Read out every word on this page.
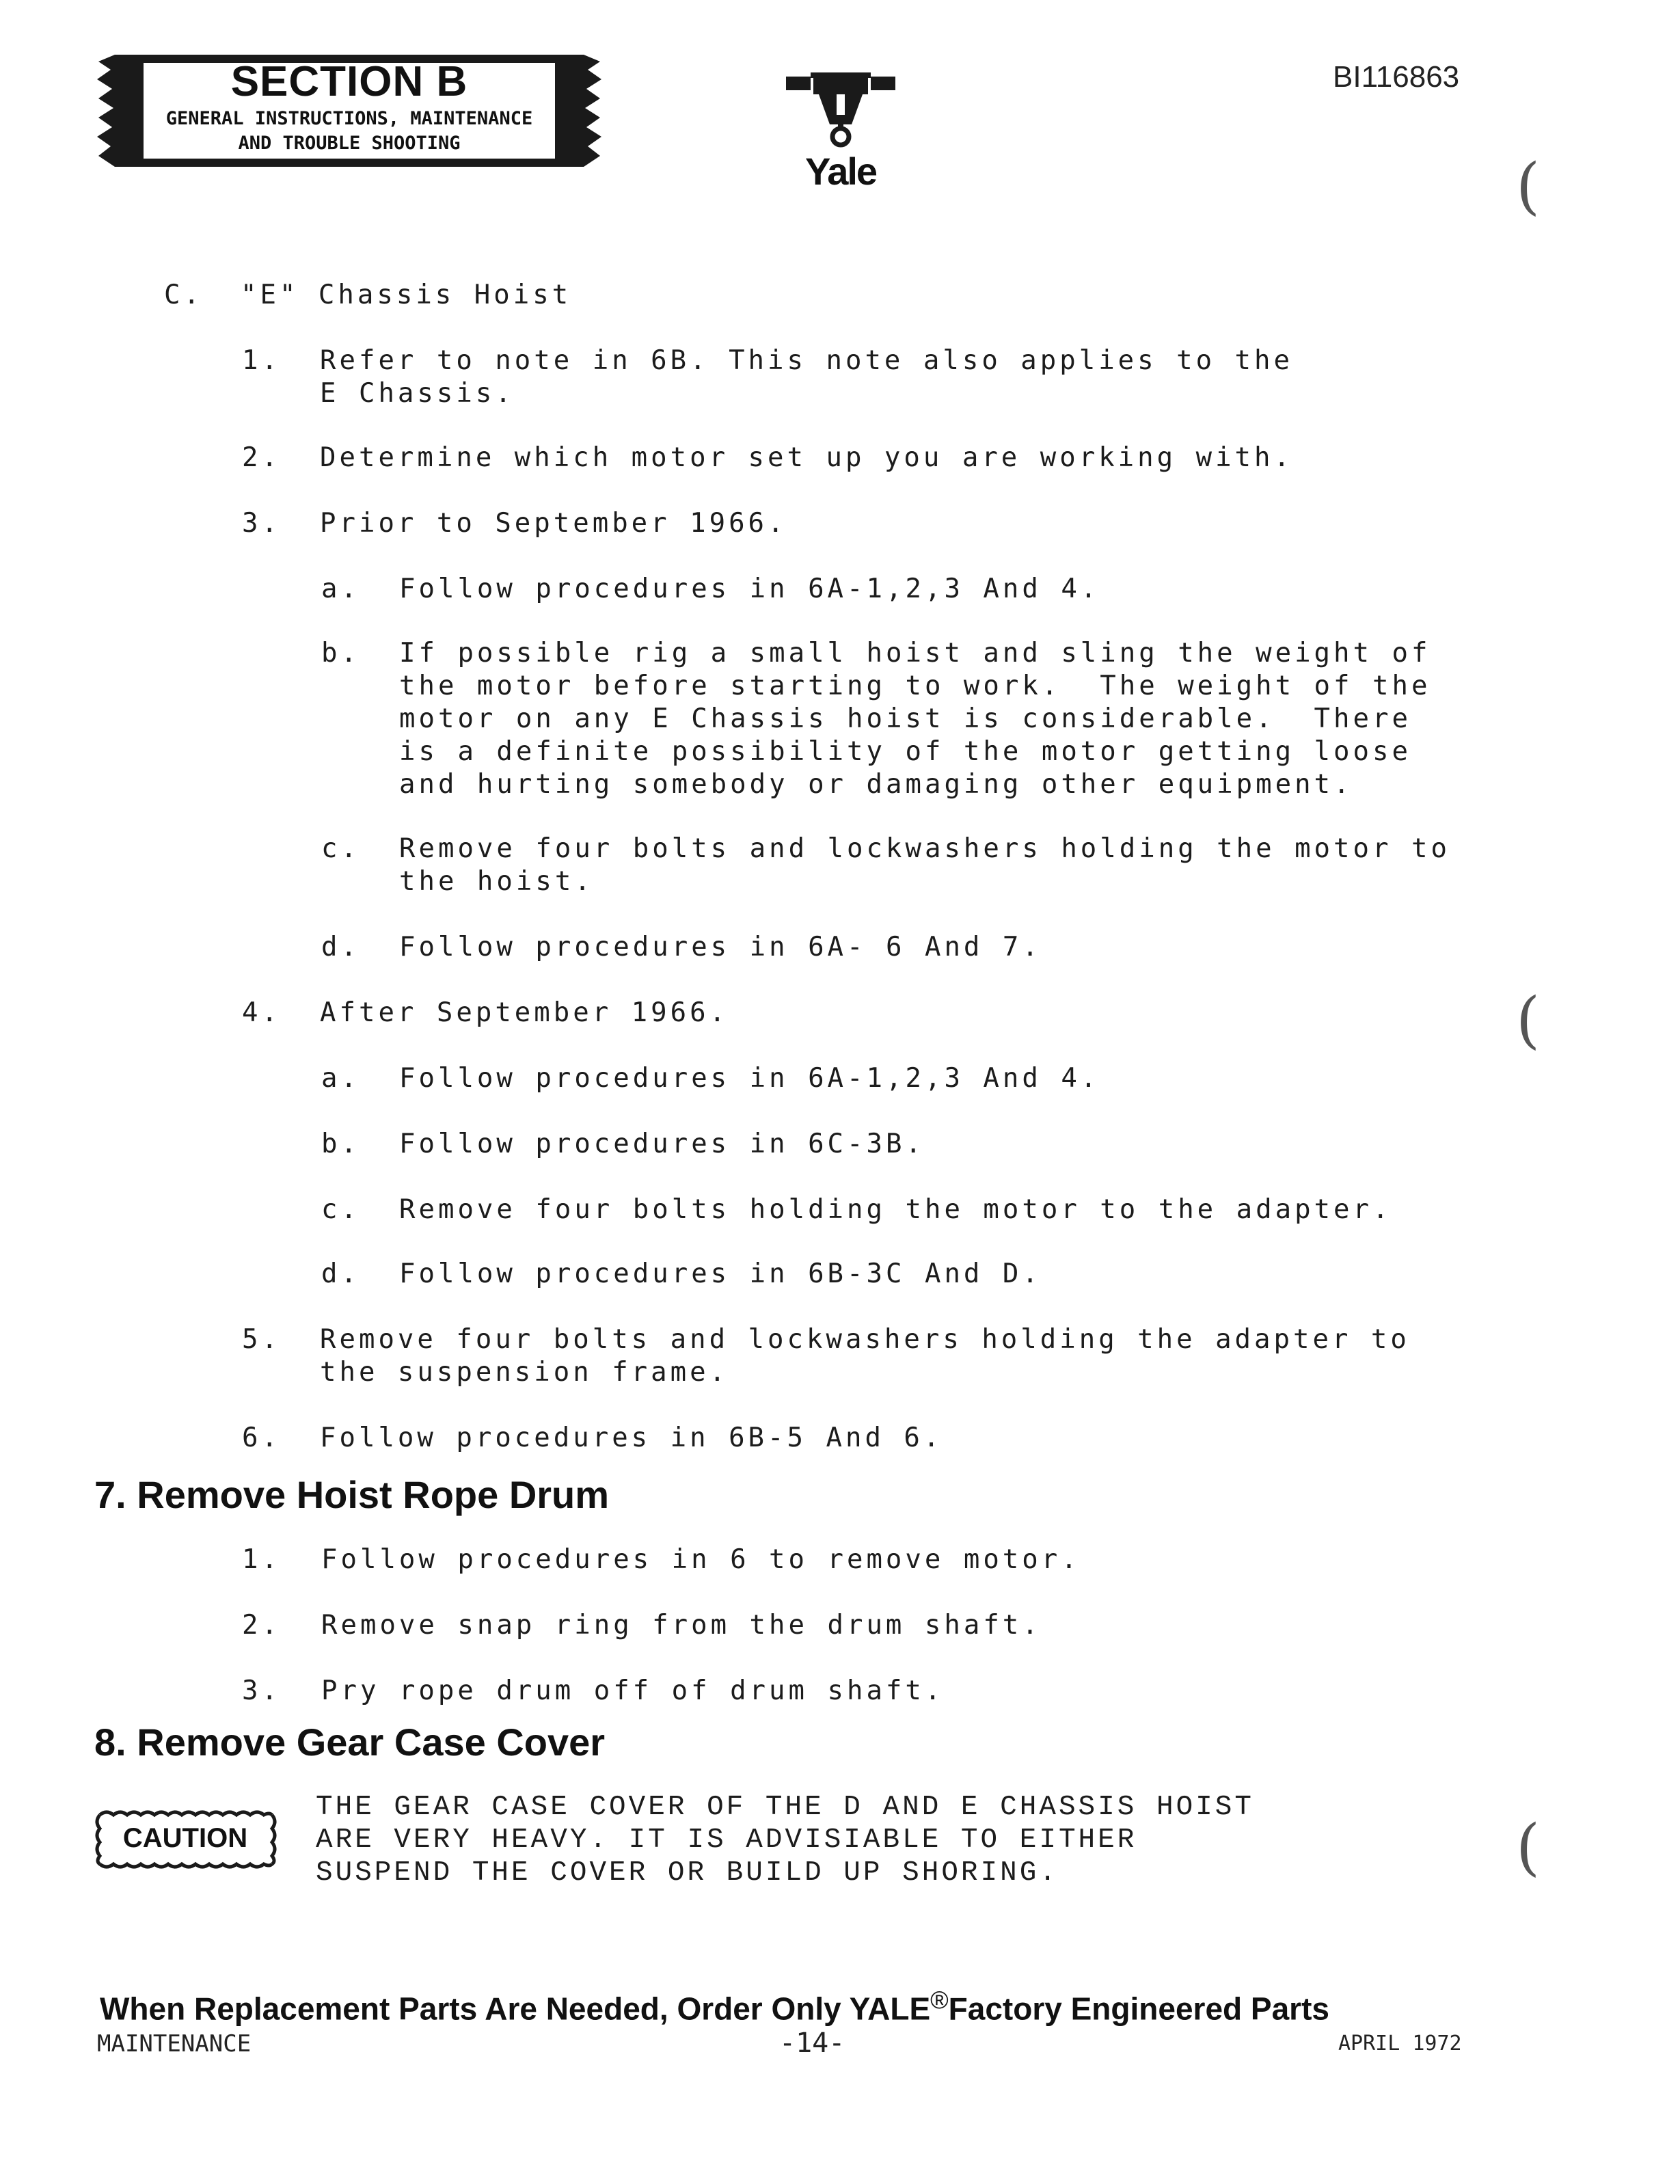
SECTION B
GENERAL INSTRUCTIONS, MAINTENANCE
AND TROUBLE SHOOTING
Yale
BI116863
C. "E" Chassis Hoist
1. Refer to note in 6B. This note also applies to the
E Chassis.
2. Determine which motor set up you are working with.
3. Prior to September 1966.
a. Follow procedures in 6A-1,2,3 And 4.
b. If possible rig a small hoist and sling the weight of
the motor before starting to work.  The weight of the
motor on any E Chassis hoist is considerable.  There
is a definite possibility of the motor getting loose
and hurting somebody or damaging other equipment.
c. Remove four bolts and lockwashers holding the motor to
the hoist.
d. Follow procedures in 6A- 6 And 7.
4. After September 1966.
a. Follow procedures in 6A-1,2,3 And 4.
b. Follow procedures in 6C-3B.
c. Remove four bolts holding the motor to the adapter.
d. Follow procedures in 6B-3C And D.
5. Remove four bolts and lockwashers holding the adapter to
the suspension frame.
6. Follow procedures in 6B-5 And 6.
7. Remove Hoist Rope Drum
1. Follow procedures in 6 to remove motor.
2. Remove snap ring from the drum shaft.
3. Pry rope drum off of drum shaft.
8. Remove Gear Case Cover
CAUTION
THE GEAR CASE COVER OF THE D AND E CHASSIS HOIST
ARE VERY HEAVY. IT IS ADVISIABLE TO EITHER
SUSPEND THE COVER OR BUILD UP SHORING.
(
(
(
When Replacement Parts Are Needed, Order Only YALE®Factory Engineered Parts
MAINTENANCE	-14-	APRIL 1972
